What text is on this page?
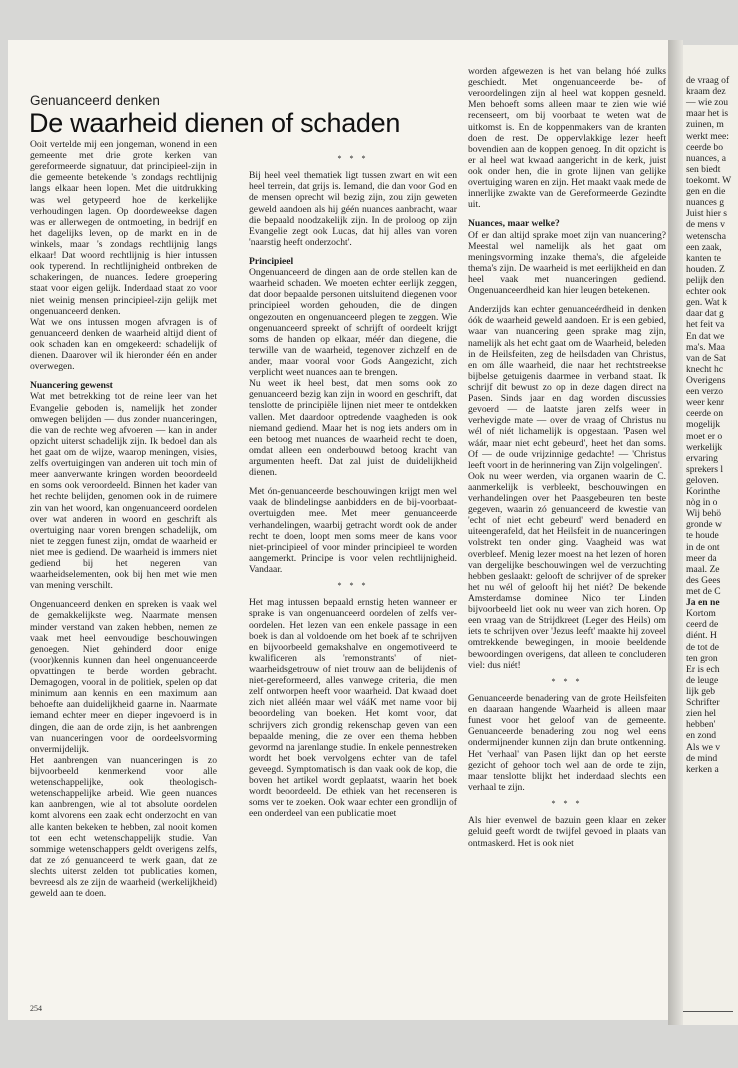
de vraag of

kraam dez

— wie zou

maar het is

zuinen, m

werkt mee:

ceerde bo

nuances, a

sen biedt

toekomt. W

gen en die

nuances g

Juist hier s

de mens v

wetenscha

een zaak,

kanten te

houden. Z

pelijk den

echter ook

gen. Wat k

daar dat g

het feit va

En dat we

ma's. Maa

van de Sat

knecht hc

Overigens

een verzo

weer kenr

ceerde on

mogelijk

moet er o

werkelijk

ervaring

sprekers l

geloven.

Korinthe

nòg in o

Wij behö

gronde w

te houde

in de ont

meer da

maal. Ze

des Gees

met de C

Ja en ne

Kortom

ceerd de

diént. H

de tot de

ten gron

Er is ech

de leuge

lijk geb

Schrifter

zien hel

hebben'

en zond

Als we v

de mind

kerken a

Genuanceerd denken
De waarheid dienen of schaden

Ooit vertelde mij een jongeman, wonend in een gemeente met drie grote kerken van gereformeerde signatuur, dat principieel-zijn in die gemeente betekende 's zondags rechtlijnig langs elkaar heen lopen. Met die uitdrukking was wel getypeerd hoe de kerkelijke verhoudingen lagen. Op doordeweekse dagen was er allerwegen de ontmoeting, in bedrijf en het dagelijks leven, op de markt en in de winkels, maar 's zondags rechtlijnig langs elkaar! Dat woord rechtlijnig is hier intussen ook typerend. In rechtlijnigheid ontbreken de schakeringen, de nuances. Iedere groepering staat voor eigen gelijk. Inderdaad staat zo voor niet weinig mensen principieel-zijn gelijk met ongenuanceerd denken.

Wat we ons intussen mogen afvragen is of genuanceerd denken de waarheid altijd dient of ook schaden kan en omgekeerd: schadelijk of dienen. Daarover wil ik hieronder één en ander overwegen.

Nuancering gewenst

Wat met betrekking tot de reine leer van het Evangelie geboden is, namelijk het zonder omwegen belijden — dus zonder nuanceringen, die van de rechte weg afvoeren — kan in ander opzicht uiterst schadelijk zijn. Ik bedoel dan als het gaat om de wijze, waarop meningen, visies, zelfs overtuigingen van anderen uit toch min of meer aanverwante kringen worden beoordeeld en soms ook veroordeeld. Binnen het kader van het rechte belijden, genomen ook in de ruimere zin van het woord, kan ongenuanceerd oordelen over wat anderen in woord en geschrift als overtuiging naar voren brengen schadelijk, om niet te zeggen funest zijn, omdat de waarheid er niet mee is gediend. De waarheid is immers niet gediend bij het negeren van waarheidselementen, ook bij hen met wie men van mening verschilt.

Ongenuanceerd denken en spreken is vaak wel de gemakkelijkste weg. Naarmate mensen minder verstand van zaken hebben, nemen ze vaak met heel eenvoudige beschouwingen genoegen. Niet gehinderd door enige (voor)kennis kunnen dan heel ongenuanceerde opvattingen te berde worden gebracht. Demagogen, vooral in de politiek, spelen op dat minimum aan kennis en een maximum aan behoefte aan duidelijkheid gaarne in. Naarmate iemand echter meer en dieper ingevoerd is in dingen, die aan de orde zijn, is het aanbrengen van nuanceringen voor de oordeelsvorming onvermijdelijk.

Het aanbrengen van nuanceringen is zo bijvoorbeeld kenmerkend voor alle wetenschappelijke, ook theologisch-wetenschappelijke arbeid. Wie geen nuances kan aanbrengen, wie al tot absolute oordelen komt alvorens een zaak echt onderzocht en van alle kanten bekeken te hebben, zal nooit komen tot een echt wetenschappelijk studie. Van sommige wetenschappers geldt overigens zelfs, dat ze zó genuanceerd te werk gaan, dat ze slechts uiterst zelden tot publicaties komen, bevreesd als ze zijn de waarheid (werkelijkheid) geweld aan te doen.

* * *

Bij heel veel thematiek ligt tussen zwart en wit een heel terrein, dat grijs is. Iemand, die dan voor God en de mensen oprecht wil bezig zijn, zou zijn geweten geweld aandoen als hij géén nuances aanbracht, waar die bepaald noodzakelijk zijn. In de proloog op zijn Evangelie zegt ook Lucas, dat hij alles van voren 'naarstig heeft onderzocht'.

Principieel

Ongenuanceerd de dingen aan de orde stellen kan de waarheid schaden. We moeten echter eerlijk zeggen, dat door bepaalde personen uitsluitend diegenen voor principieel worden gehouden, die de dingen ongezouten en ongenuanceerd plegen te zeggen. Wie ongenuanceerd spreekt of schrijft of oordeelt krijgt soms de handen op elkaar, méér dan diegene, die terwille van de waarheid, tegenover zichzelf en de ander, maar vooral voor Gods Aangezicht, zich verplicht weet nuances aan te brengen.

Nu weet ik heel best, dat men soms ook zo genuanceerd bezig kan zijn in woord en geschrift, dat tenslotte de principiële lijnen niet meer te ontdekken vallen. Met daardoor optredende vaagheden is ook niemand gediend. Maar het is nog iets anders om in een betoog met nuances de waarheid recht te doen, omdat alleen een onderbouwd betoog kracht van argumenten heeft. Dat zal juist de duidelijkheid dienen.

Met ón-genuanceerde beschouwingen krijgt men wel vaak de blindelingse aanbidders en de bij-voorbaat-overtuigden mee. Met meer genuanceerde verhandelingen, waarbij getracht wordt ook de ander recht te doen, loopt men soms meer de kans voor niet-principieel of voor minder principieel te worden aangemerkt. Principe is voor velen rechtlijnigheid. Vandaar.

* * *

Het mag intussen bepaald ernstig heten wanneer er sprake is van ongenuanceerd oordelen of zelfs ver-oordelen. Het lezen van een enkele passage in een boek is dan al voldoende om het boek af te schrijven en bijvoorbeeld gemakshalve en ongemotiveerd te kwalificeren als 'remonstrants' of niet-waarheidsgetrouw of niet trouw aan de belijdenis of niet-gereformeerd, alles vanwege criteria, die men zelf ontworpen heeft voor waarheid. Dat kwaad doet zich niet alléén maar wel vááK met name voor bij beoordeling van boeken. Het komt voor, dat schrijvers zich grondig rekenschap geven van een bepaalde mening, die ze over een thema hebben gevormd na jarenlange studie. In enkele pennestreken wordt het boek vervolgens echter van de tafel geveegd. Symptomatisch is dan vaak ook de kop, die boven het artikel wordt geplaatst, waarin het boek wordt beoordeeld. De ethiek van het recenseren is soms ver te zoeken. Ook waar echter een grondlijn of een onderdeel van een publicatie moet

worden afgewezen is het van belang hóé zulks geschiedt. Met ongenuanceerde be- of veroordelingen zijn al heel wat koppen gesneld. Men behoeft soms alleen maar te zien wie wié recenseert, om bij voorbaat te weten wat de uitkomst is. En de koppenmakers van de kranten doen de rest. De oppervlakkige lezer heeft bovendien aan de koppen genoeg. In dit opzicht is er al heel wat kwaad aangericht in de kerk, juist ook onder hen, die in grote lijnen van gelijke overtuiging waren en zijn. Het maakt vaak mede de innerlijke zwakte van de Gereformeerde Gezindte uit.

Nuances, maar welke?

Of er dan altijd sprake moet zijn van nuancering? Meestal wel namelijk als het gaat om meningsvorming inzake thema's, die afgeleide thema's zijn. De waarheid is met eerlijkheid en dan heel vaak met nuanceringen gediend. Ongenuanceerdheid kan hier leugen betekenen.

Anderzijds kan echter genuanceérdheid in denken óók de waarheid geweld aandoen. Er is een gebied, waar van nuancering geen sprake mag zijn, namelijk als het echt gaat om de Waarheid, beleden in de Heilsfeiten, zeg de heilsdaden van Christus, en om álle waarheid, die naar het rechtstreekse bijbelse getuigenis daarmee in verband staat. Ik schrijf dit bewust zo op in deze dagen direct na Pasen. Sinds jaar en dag worden discussies gevoerd — de laatste jaren zelfs weer in verhevigde mate — over de vraag of Christus nu wél of niét lichamelijk is opgestaan. 'Pasen wel wáár, maar niet echt gebeurd', heet het dan soms. Of — de oude vrijzinnige gedachte! — 'Christus leeft voort in de herinnering van Zijn volgelingen'.

Ook nu weer werden, via organen waarin de C. aanmerkelijk is verbleekt, beschouwingen en verhandelingen over het Paasgebeuren ten beste gegeven, waarin zó genuanceerd de kwestie van 'echt of niet echt gebeurd' werd benaderd en uiteengerafeld, dat het Heilsfeit in de nuanceringen volstrekt ten onder ging. Vaagheid was wat overbleef. Menig lezer moest na het lezen of horen van dergelijke beschouwingen wel de verzuchting hebben geslaakt: gelooft de schrijver of de spreker het nu wél of gelooft hij het niét? De bekende Amsterdamse dominee Nico ter Linden bijvoorbeeld liet ook nu weer van zich horen. Op een vraag van de Strijdkreet (Leger des Heils) om iets te schrijven over 'Jezus leeft' maakte hij zoveel omtrekkende bewegingen, in mooie beeldende bewoordingen overigens, dat alleen te concluderen viel: dus niét!

* * *

Genuanceerde benadering van de grote Heilsfeiten en daaraan hangende Waarheid is alleen maar funest voor het geloof van de gemeente. Genuanceerde benadering zou nog wel eens ondermijnender kunnen zijn dan brute ontkenning. Het 'verhaal' van Pasen lijkt dan op het eerste gezicht of gehoor toch wel aan de orde te zijn, maar tenslotte blijkt het inderdaad slechts een verhaal te zijn.

* * *

Als hier evenwel de bazuin geen klaar en zeker geluid geeft wordt de twijfel gevoed in plaats van ontmaskerd. Het is ook niet

254
